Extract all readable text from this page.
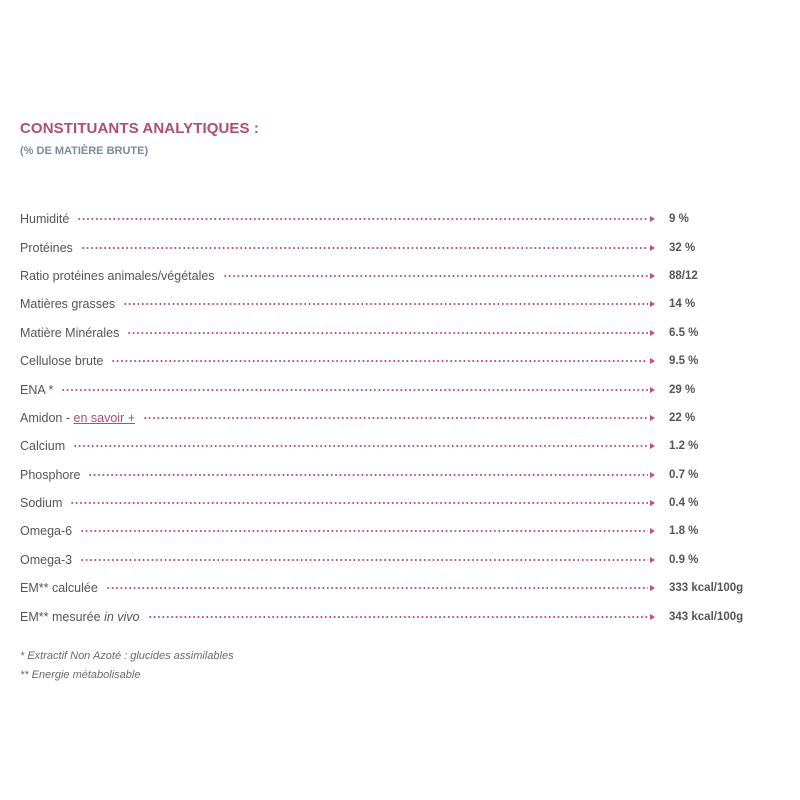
CONSTITUANTS ANALYTIQUES :
(% DE MATIÈRE BRUTE)
Humidité	9 %
Protéines	32 %
Ratio protéines animales/végétales	88/12
Matières grasses	14 %
Matière Minérales	6.5 %
Cellulose brute	9.5 %
ENA *	29 %
Amidon - en savoir +	22 %
Calcium	1.2 %
Phosphore	0.7 %
Sodium	0.4 %
Omega-6	1.8 %
Omega-3	0.9 %
EM** calculée	333 kcal/100g
EM** mesurée in vivo	343 kcal/100g
* Extractif Non Azoté : glucides assimilables
** Energie métabolisable
